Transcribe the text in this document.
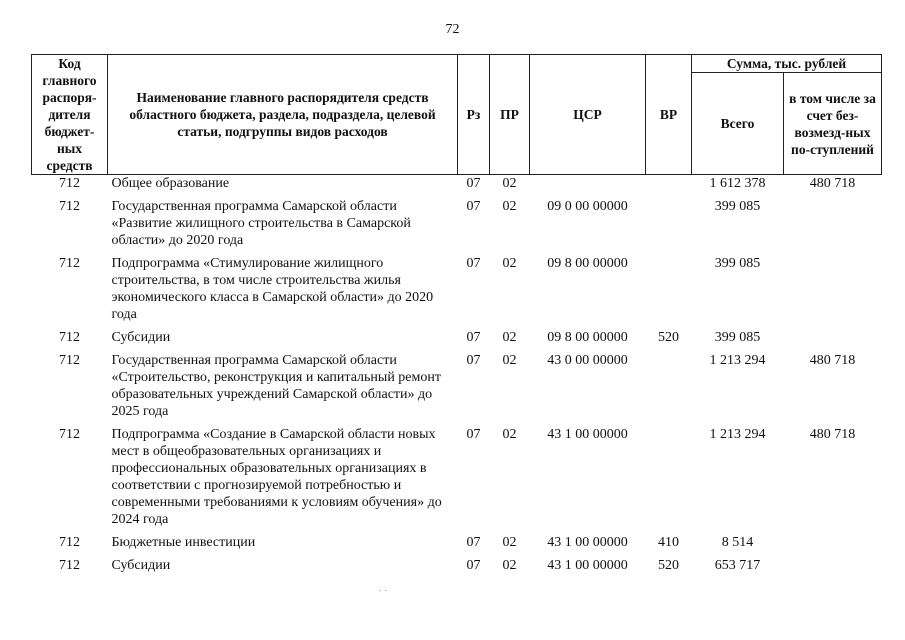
72
Код главного распоря-дителя бюджет-ных средств	Наименование главного распорядителя средств областного бюджета, раздела, подраздела, целевой статьи, подгруппы видов расходов	Рз	ПР	ЦСР	ВР	Сумма, тыс. рублей	
						Всего	в том числе за счет без-возмезд-ных по-ступлений
712	Общее образование	07	02			1 612 378	480 718
712	Государственная программа Самарской области «Развитие жилищного строительства в Самарской области» до 2020 года	07	02	09 0 00 00000		399 085	
712	Подпрограмма «Стимулирование жилищного строительства, в том числе строительства жилья экономического класса в Самарской области» до 2020 года	07	02	09 8 00 00000		399 085	
712	Субсидии	07	02	09 8 00 00000	520	399 085	
712	Государственная программа Самарской области «Строительство, реконструкция и капитальный ремонт образовательных учреждений Самарской области» до 2025 года	07	02	43 0 00 00000		1 213 294	480 718
712	Подпрограмма «Создание в Самарской области новых мест в общеобразовательных организациях и профессиональных образовательных организациях в соответствии с прогнозируемой потребностью и современными требованиями к условиям обучения» до 2024 года	07	02	43 1 00 00000		1 213 294	480 718
712	Бюджетные инвестиции	07	02	43 1 00 00000	410	8 514	
712	Субсидии	07	02	43 1 00 00000	520	653 717	
· ·
